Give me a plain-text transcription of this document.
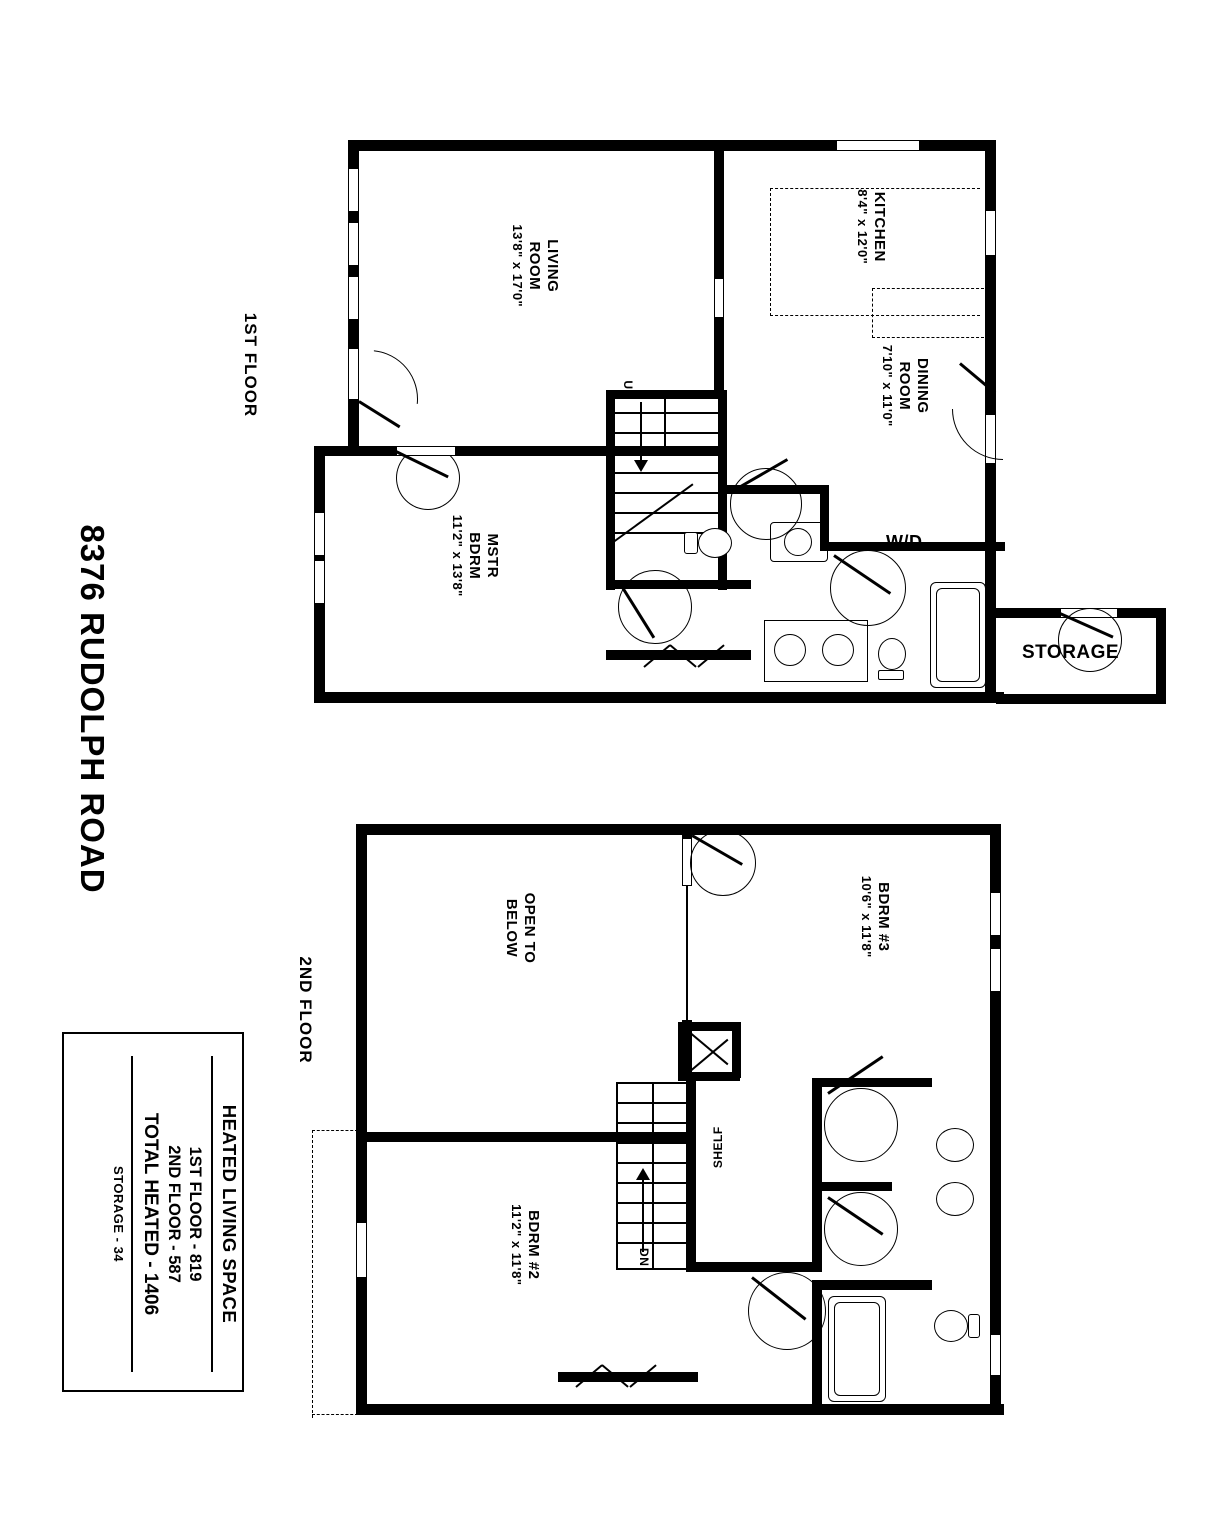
8376 RUDOLPH ROAD
HEATED LIVING SPACE
1ST FLOOR - 819
2ND FLOOR - 587
TOTAL HEATED - 1406
STORAGE - 34
1ST FLOOR	UP
W/D
STORAGE
LIVING
ROOM
13'8" x 17'0"	KITCHEN
8'4" x 12'0"
DINING
ROOM
7'10" x 11'0"
MSTR
BDRM
11'2" x 13'8"
2ND FLOOR
DN
SHELF
OPEN TO
BELOW	BDRM #3
10'6" x 11'8"
BDRM #2
11'2" x 11'8"
